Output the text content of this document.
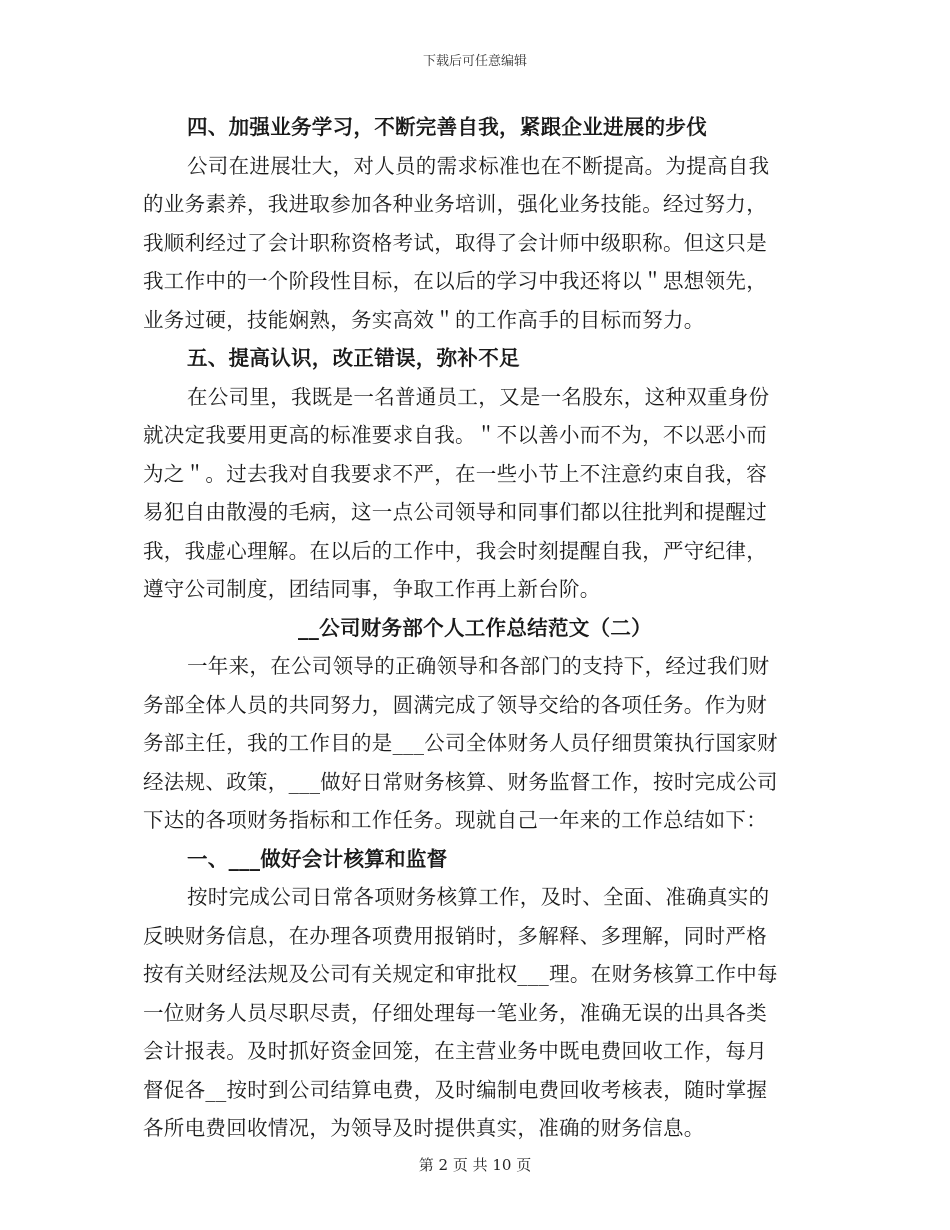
下载后可任意编辑
四、加强业务学习，不断完善自我，紧跟企业进展的步伐
公司在进展壮大，对人员的需求标准也在不断提高。为提高自我
的业务素养，我进取参加各种业务培训，强化业务技能。经过努力，
我顺利经过了会计职称资格考试，取得了会计师中级职称。但这只是
我工作中的一个阶段性目标，在以后的学习中我还将以＂思想领先，
业务过硬，技能娴熟，务实高效＂的工作高手的目标而努力。
五、提高认识，改正错误，弥补不足
在公司里，我既是一名普通员工，又是一名股东，这种双重身份
就决定我要用更高的标准要求自我。＂不以善小而不为，不以恶小而
为之＂。过去我对自我要求不严，在一些小节上不注意约束自我，容
易犯自由散漫的毛病，这一点公司领导和同事们都以往批判和提醒过
我，我虚心理解。在以后的工作中，我会时刻提醒自我，严守纪律，
遵守公司制度，团结同事，争取工作再上新台阶。
__公司财务部个人工作总结范文（二）
一年来，在公司领导的正确领导和各部门的支持下，经过我们财
务部全体人员的共同努力，圆满完成了领导交给的各项任务。作为财
务部主任，我的工作目的是___公司全体财务人员仔细贯策执行国家财
经法规、政策，___做好日常财务核算、财务监督工作，按时完成公司
下达的各项财务指标和工作任务。现就自己一年来的工作总结如下：
一、___做好会计核算和监督
按时完成公司日常各项财务核算工作，及时、全面、准确真实的
反映财务信息，在办理各项费用报销时，多解释、多理解，同时严格
按有关财经法规及公司有关规定和审批权___理。在财务核算工作中每
一位财务人员尽职尽责，仔细处理每一笔业务，准确无误的出具各类
会计报表。及时抓好资金回笼，在主营业务中既电费回收工作，每月
督促各__按时到公司结算电费，及时编制电费回收考核表，随时掌握
各所电费回收情况，为领导及时提供真实，准确的财务信息。
第 2 页 共 10 页
